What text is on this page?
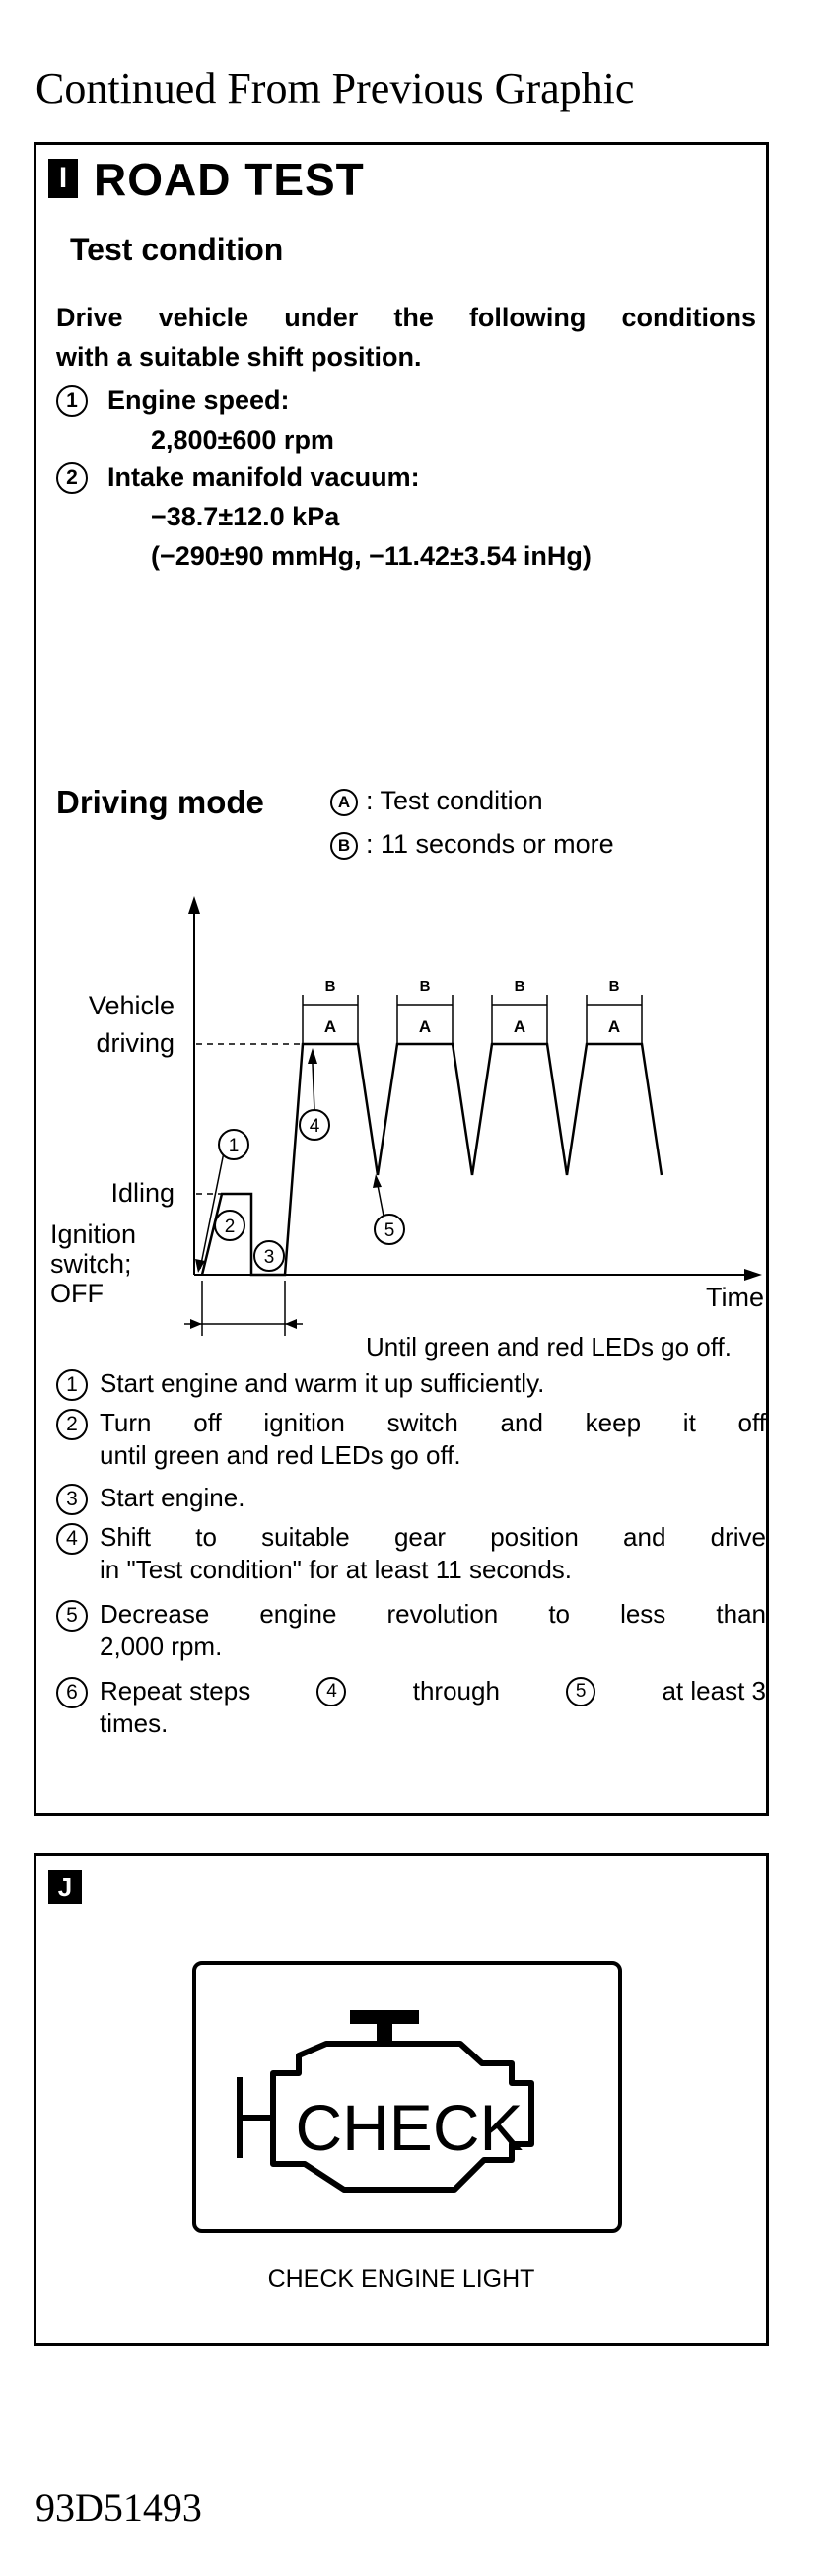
Continued From Previous Graphic
I ROAD TEST
Test condition
Drive vehicle under the following conditions
with a suitable shift position.
1	Engine speed:
2,800±600 rpm
2	Intake manifold vacuum:
−38.7±12.0 kPa
(−290±90 mmHg, −11.42±3.54 inHg)
Driving mode	A : Test condition
B : 11 seconds or more
B
A
B
A
B
A
B
A
Vehicle
driving
Idling
Ignition
switch;
OFF	Time
Until green and red LEDs go off.
1
2
3
4
5
1 Start engine and warm it up sufficiently.
2 Turn off ignition switch and keep it off
until green and red LEDs go off.
3 Start engine.
4 Shift to suitable gear position and drive
in "Test condition" for at least 11 seconds.
5 Decrease engine revolution to less than
2,000 rpm.
6 Repeat steps	4	through	5	at least 3
times.
J
CHECK
CHECK ENGINE LIGHT
93D51493
